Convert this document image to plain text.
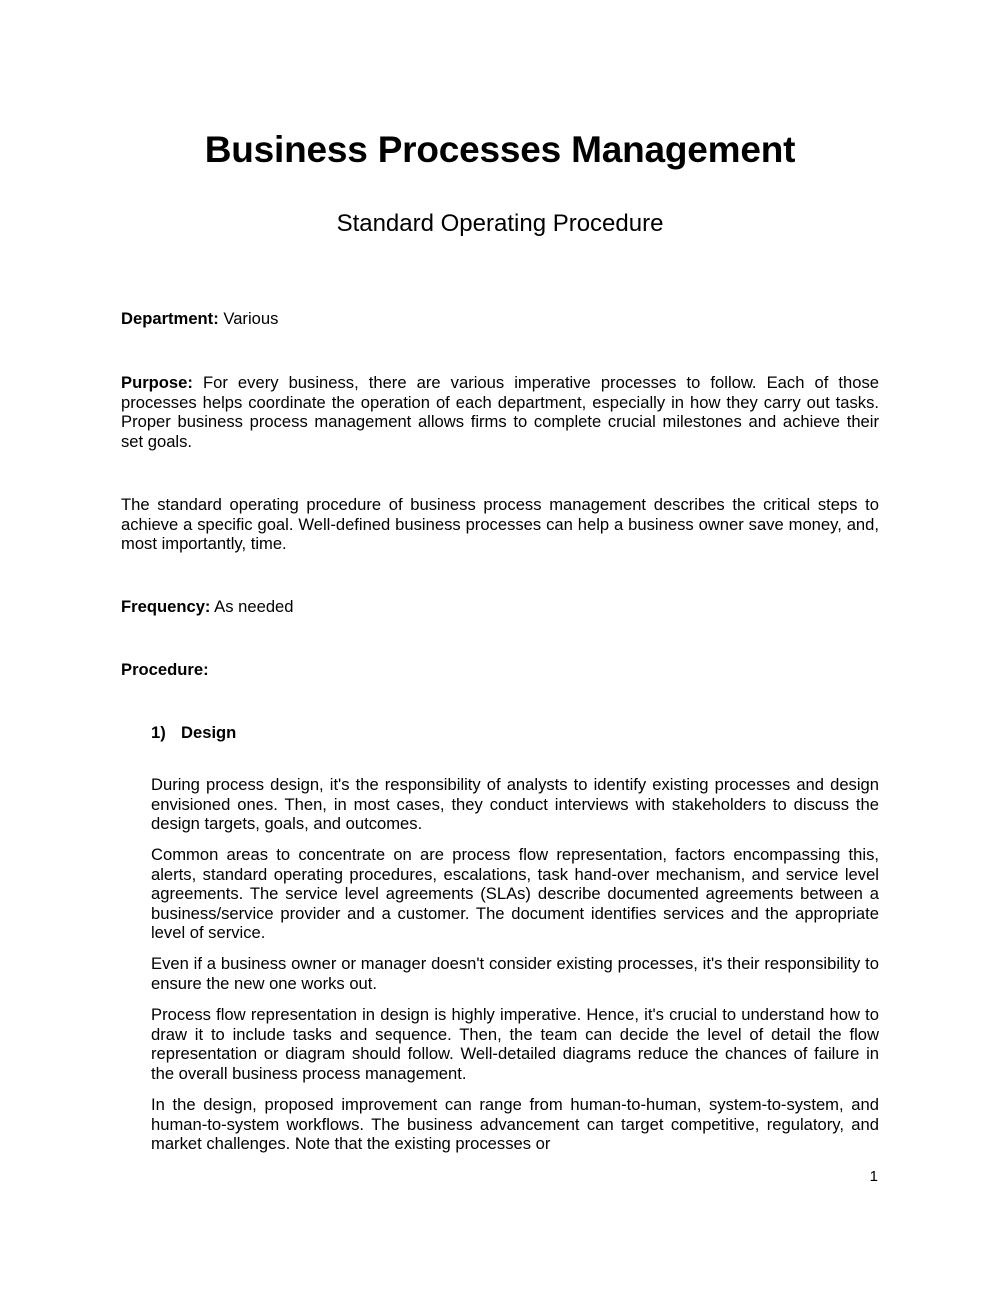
Business Processes Management
Standard Operating Procedure
Department: Various
Purpose: For every business, there are various imperative processes to follow. Each of those processes helps coordinate the operation of each department, especially in how they carry out tasks. Proper business process management allows firms to complete crucial milestones and achieve their set goals.
The standard operating procedure of business process management describes the critical steps to achieve a specific goal. Well-defined business processes can help a business owner save money, and, most importantly, time.
Frequency: As needed
Procedure:
1) Design
During process design, it's the responsibility of analysts to identify existing processes and design envisioned ones. Then, in most cases, they conduct interviews with stakeholders to discuss the design targets, goals, and outcomes.
Common areas to concentrate on are process flow representation, factors encompassing this, alerts, standard operating procedures, escalations, task hand-over mechanism, and service level agreements. The service level agreements (SLAs) describe documented agreements between a business/service provider and a customer. The document identifies services and the appropriate level of service.
Even if a business owner or manager doesn't consider existing processes, it's their responsibility to ensure the new one works out.
Process flow representation in design is highly imperative. Hence, it's crucial to understand how to draw it to include tasks and sequence. Then, the team can decide the level of detail the flow representation or diagram should follow. Well-detailed diagrams reduce the chances of failure in the overall business process management.
In the design, proposed improvement can range from human-to-human, system-to-system, and human-to-system workflows. The business advancement can target competitive, regulatory, and market challenges. Note that the existing processes or
1
